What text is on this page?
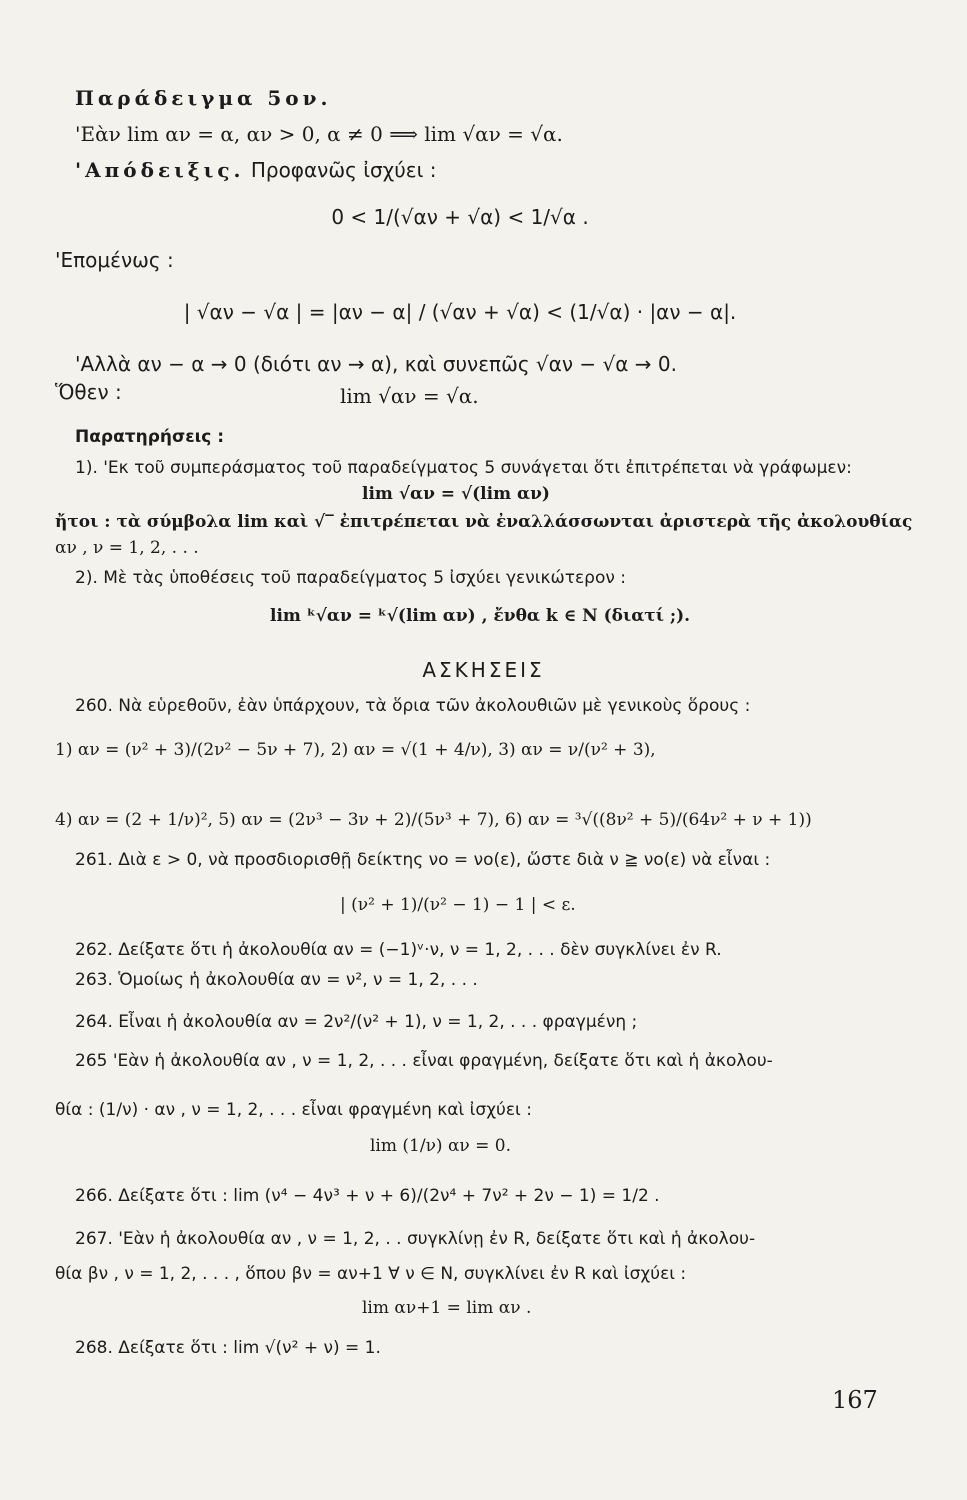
Παράδειγμα 5ον.
'Εὰν lim αν = α, αν > 0, α ≠ 0 ⟹ lim √αν = √α.
'Απόδειξις. Προφανῶς ἰσχύει :
0 < 1/(√αν + √α) < 1/√α .
'Επομένως :
| √αν − √α | = |αν − α| / (√αν + √α) < (1/√α) · |αν − α|.
'Αλλὰ αν − α → 0 (διότι αν → α), καὶ συνεπῶς √αν − √α → 0.
Ὅθεν :	lim √αν = √α.
Παρατηρήσεις :
1). 'Εκ τοῦ συμπεράσματος τοῦ παραδείγματος 5 συνάγεται ὅτι ἐπιτρέπεται νὰ γράφωμεν:
lim √αν = √(lim αν)
ἤτοι : τὰ σύμβολα lim καὶ √‾ ἐπιτρέπεται νὰ ἐναλλάσσωνται ἀριστερὰ τῆς ἀκολουθίας
αν , ν = 1, 2, . . .
2). Μὲ τὰς ὑποθέσεις τοῦ παραδείγματος 5 ἰσχύει γενικώτερον :
lim ᵏ√αν = ᵏ√(lim αν) , ἔνθα k ∈ N (διατί ;).
ΑΣΚΗΣΕΙΣ
260. Νὰ εὑρεθοῦν, ἐὰν ὑπάρχουν, τὰ ὅρια τῶν ἀκολουθιῶν μὲ γενικοὺς ὅρους :
1) αν = (ν² + 3)/(2ν² − 5ν + 7), 2) αν = √(1 + 4/ν), 3) αν = ν/(ν² + 3),
4) αν = (2 + 1/ν)², 5) αν = (2ν³ − 3ν + 2)/(5ν³ + 7), 6) αν = ³√((8ν² + 5)/(64ν² + ν + 1))
261. Διὰ ε > 0, νὰ προσδιορισθῇ δείκτης νο = νο(ε), ὥστε διὰ ν ≧ νο(ε) νὰ εἶναι :
| (ν² + 1)/(ν² − 1) − 1 | < ε.
262. Δείξατε ὅτι ἡ ἀκολουθία αν = (−1)ᵛ·ν, ν = 1, 2, . . . δὲν συγκλίνει ἐν R.
263. Ὁμοίως ἡ ἀκολουθία αν = ν², ν = 1, 2, . . .
264. Εἶναι ἡ ἀκολουθία αν = 2ν²/(ν² + 1), ν = 1, 2, . . . φραγμένη ;
265 'Εὰν ἡ ἀκολουθία αν , ν = 1, 2, . . . εἶναι φραγμένη, δείξατε ὅτι καὶ ἡ ἀκολου-
θία : (1/ν) · αν , ν = 1, 2, . . . εἶναι φραγμένη καὶ ἰσχύει :
lim (1/ν) αν = 0.
266. Δείξατε ὅτι : lim (ν⁴ − 4ν³ + ν + 6)/(2ν⁴ + 7ν² + 2ν − 1) = 1/2 .
267. 'Εὰν ἡ ἀκολουθία αν , ν = 1, 2, . . συγκλίνῃ ἐν R, δείξατε ὅτι καὶ ἡ ἀκολου-
θία βν , ν = 1, 2, . . . , ὅπου βν = αν+1 ∀ ν ∈ N, συγκλίνει ἐν R καὶ ἰσχύει :
lim αν+1 = lim αν .
268. Δείξατε ὅτι : lim √(ν² + ν) = 1.
167
